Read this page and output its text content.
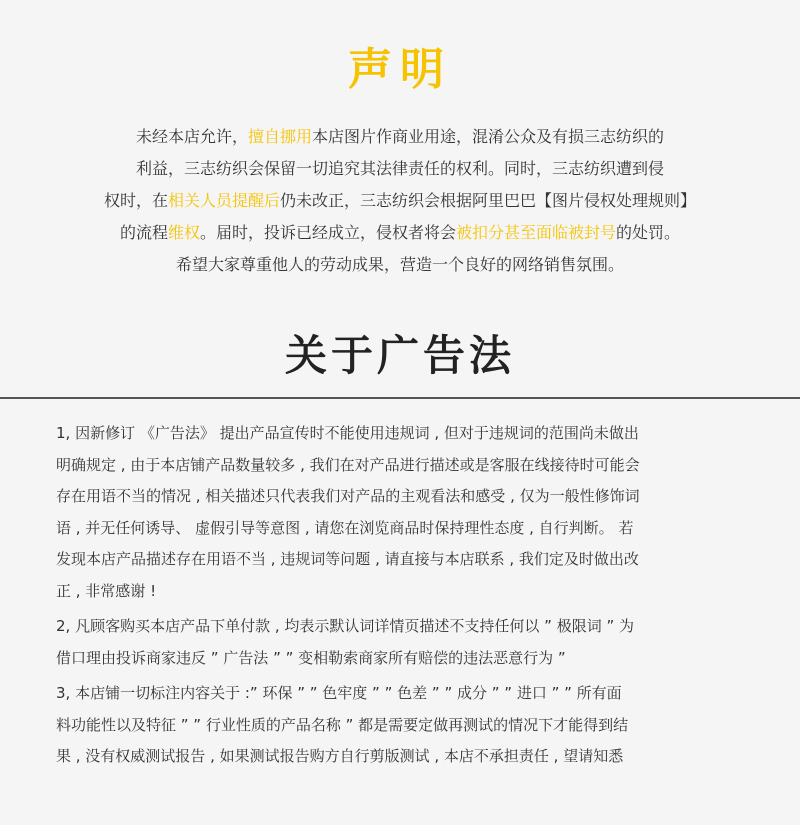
声明
未经本店允许，擅自挪用本店图片作商业用途，混淆公众及有损三志纺织的
利益，三志纺织会保留一切追究其法律责任的权利。同时，三志纺织遭到侵
权时，在相关人员提醒后仍未改正，三志纺织会根据阿里巴巴【图片侵权处理规则】
的流程维权。届时，投诉已经成立，侵权者将会被扣分甚至面临被封号的处罚。
希望大家尊重他人的劳动成果，营造一个良好的网络销售氛围。
关于广告法
1, 因新修订 《广告法》 提出产品宣传时不能使用违规词 , 但对于违规词的范围尚未做出
明确规定 , 由于本店铺产品数量较多 , 我们在对产品进行描述或是客服在线接待时可能会
存在用语不当的情况 , 相关描述只代表我们对产品的主观看法和感受 , 仅为一般性修饰词
语 , 并无任何诱导、 虚假引导等意图 , 请您在浏览商品时保持理性态度 , 自行判断。 若
发现本店产品描述存在用语不当 , 违规词等问题 , 请直接与本店联系 , 我们定及时做出改
正 , 非常感谢 !
2, 凡顾客购买本店产品下单付款 , 均表示默认词详情页描述不支持任何以 ” 极限词 ” 为
借口理由投诉商家违反 ” 广告法 ” ” 变相勒索商家所有赔偿的违法恶意行为 ”
3, 本店铺一切标注内容关于 :” 环保 ” ” 色牢度 ” ” 色差 ” ” 成分 ” ” 进口 ” ” 所有面
料功能性以及特征 ” ” 行业性质的产品名称 ” 都是需要定做再测试的情况下才能得到结
果 , 没有权威测试报告 , 如果测试报告购方自行剪版测试 , 本店不承担责任 , 望请知悉
